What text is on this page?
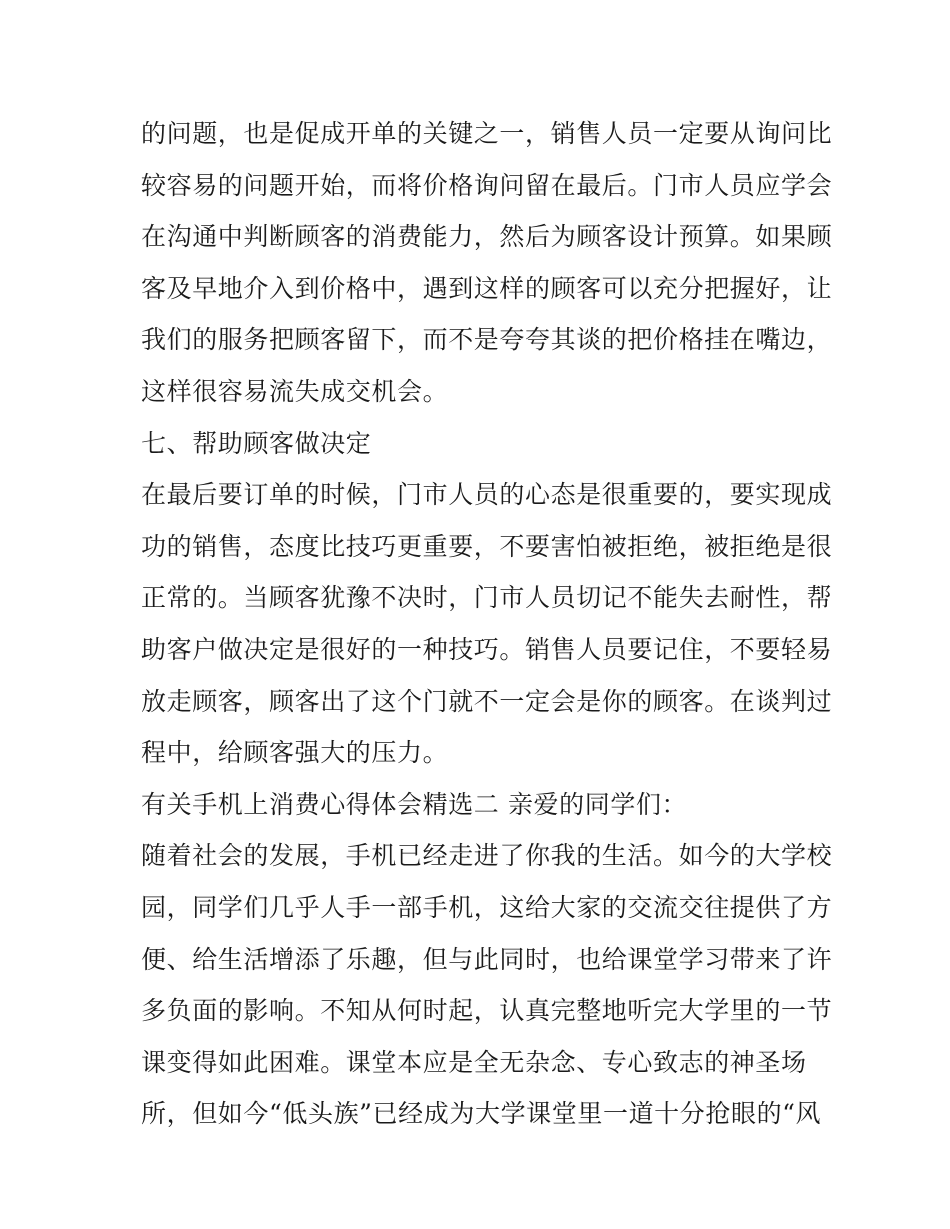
的问题，也是促成开单的关键之一，销售人员一定要从询问比
较容易的问题开始，而将价格询问留在最后。门市人员应学会
在沟通中判断顾客的消费能力，然后为顾客设计预算。如果顾
客及早地介入到价格中，遇到这样的顾客可以充分把握好，让
我们的服务把顾客留下，而不是夸夸其谈的把价格挂在嘴边，
这样很容易流失成交机会。
七、帮助顾客做决定
在最后要订单的时候，门市人员的心态是很重要的，要实现成
功的销售，态度比技巧更重要，不要害怕被拒绝，被拒绝是很
正常的。当顾客犹豫不决时，门市人员切记不能失去耐性，帮
助客户做决定是很好的一种技巧。销售人员要记住，不要轻易
放走顾客，顾客出了这个门就不一定会是你的顾客。在谈判过
程中，给顾客强大的压力。
有关手机上消费心得体会精选二 亲爱的同学们：
随着社会的发展，手机已经走进了你我的生活。如今的大学校
园，同学们几乎人手一部手机，这给大家的交流交往提供了方
便、给生活增添了乐趣，但与此同时，也给课堂学习带来了许
多负面的影响。不知从何时起，认真完整地听完大学里的一节
课变得如此困难。课堂本应是全无杂念、专心致志的神圣场
所，但如今“低头族”已经成为大学课堂里一道十分抢眼的“风
